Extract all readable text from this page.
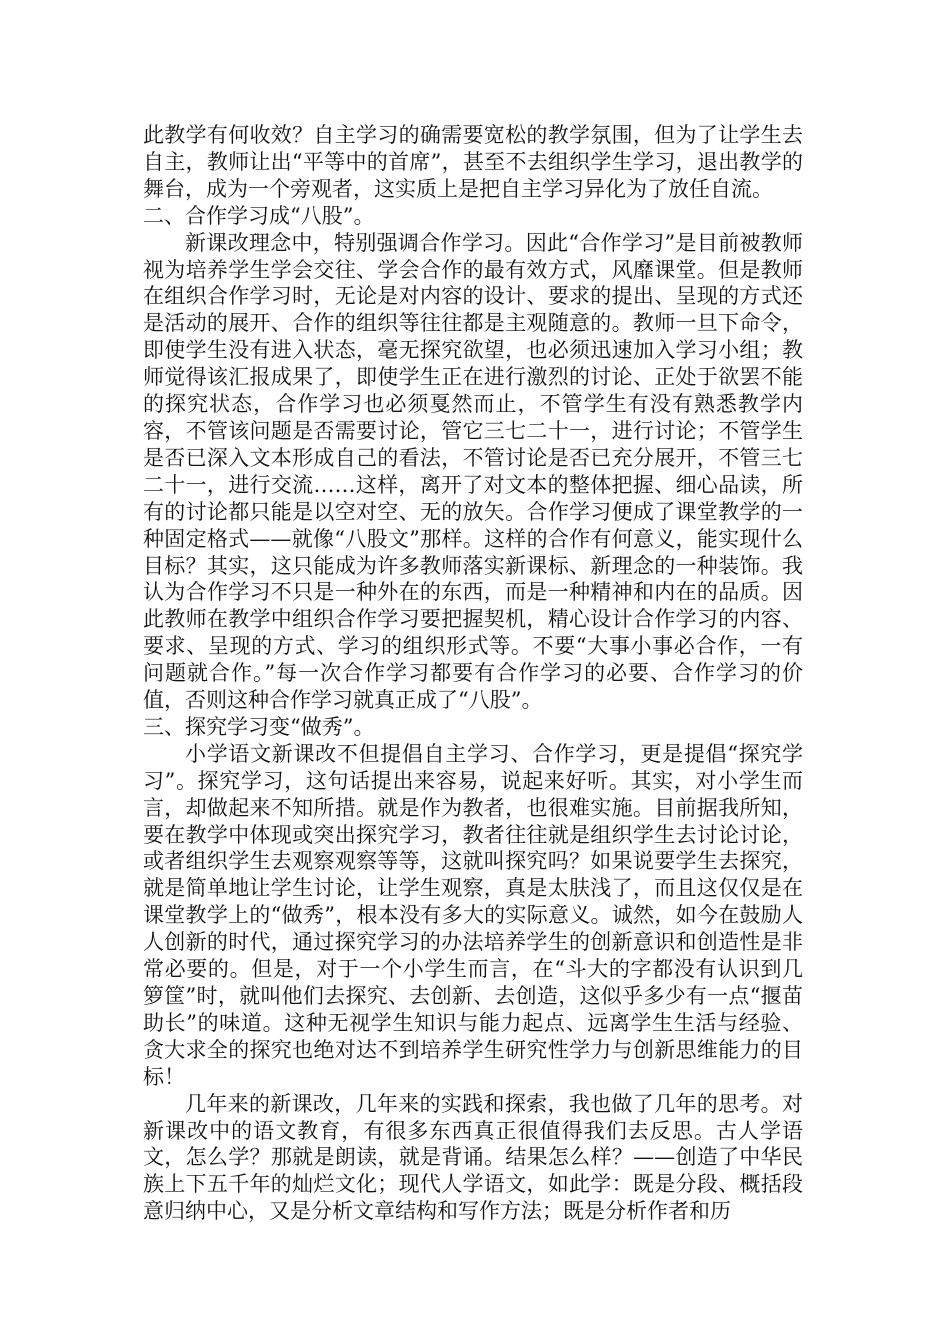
此教学有何收效？自主学习的确需要宽松的教学氛围，但为了让学生去自主，教师让出“平等中的首席”，甚至不去组织学生学习，退出教学的舞台，成为一个旁观者，这实质上是把自主学习异化为了放任自流。

二、合作学习成“八股”。

新课改理念中，特别强调合作学习。因此“合作学习”是目前被教师视为培养学生学会交往、学会合作的最有效方式，风靡课堂。但是教师在组织合作学习时，无论是对内容的设计、要求的提出、呈现的方式还是活动的展开、合作的组织等往往都是主观随意的。教师一旦下命令，即使学生没有进入状态，毫无探究欲望，也必须迅速加入学习小组；教师觉得该汇报成果了，即使学生正在进行激烈的讨论、正处于欲罢不能的探究状态，合作学习也必须戛然而止，不管学生有没有熟悉教学内容，不管该问题是否需要讨论，管它三七二十一，进行讨论；不管学生是否已深入文本形成自己的看法，不管讨论是否已充分展开，不管三七二十一，进行交流……这样，离开了对文本的整体把握、细心品读，所有的讨论都只能是以空对空、无的放矢。合作学习便成了课堂教学的一种固定格式——就像“八股文”那样。这样的合作有何意义，能实现什么目标？其实，这只能成为许多教师落实新课标、新理念的一种装饰。我认为合作学习不只是一种外在的东西，而是一种精神和内在的品质。因此教师在教学中组织合作学习要把握契机，精心设计合作学习的内容、要求、呈现的方式、学习的组织形式等。不要“大事小事必合作，一有问题就合作。”每一次合作学习都要有合作学习的必要、合作学习的价值，否则这种合作学习就真正成了“八股”。

三、探究学习变“做秀”。

小学语文新课改不但提倡自主学习、合作学习，更是提倡“探究学习”。探究学习，这句话提出来容易，说起来好听。其实，对小学生而言，却做起来不知所措。就是作为教者，也很难实施。目前据我所知，要在教学中体现或突出探究学习，教者往往就是组织学生去讨论讨论，或者组织学生去观察观察等等，这就叫探究吗？如果说要学生去探究，就是简单地让学生讨论，让学生观察，真是太肤浅了，而且这仅仅是在课堂教学上的“做秀”，根本没有多大的实际意义。诚然，如今在鼓励人人创新的时代，通过探究学习的办法培养学生的创新意识和创造性是非常必要的。但是，对于一个小学生而言，在“斗大的字都没有认识到几箩筐”时，就叫他们去探究、去创新、去创造，这似乎多少有一点“揠苗助长”的味道。这种无视学生知识与能力起点、远离学生生活与经验、贪大求全的探究也绝对达不到培养学生研究性学力与创新思维能力的目标！

几年来的新课改，几年来的实践和探索，我也做了几年的思考。对新课改中的语文教育，有很多东西真正很值得我们去反思。古人学语文，怎么学？那就是朗读，就是背诵。结果怎么样？——创造了中华民族上下五千年的灿烂文化；现代人学语文，如此学：既是分段、概括段意归纳中心，又是分析文章结构和写作方法；既是分析作者和历
